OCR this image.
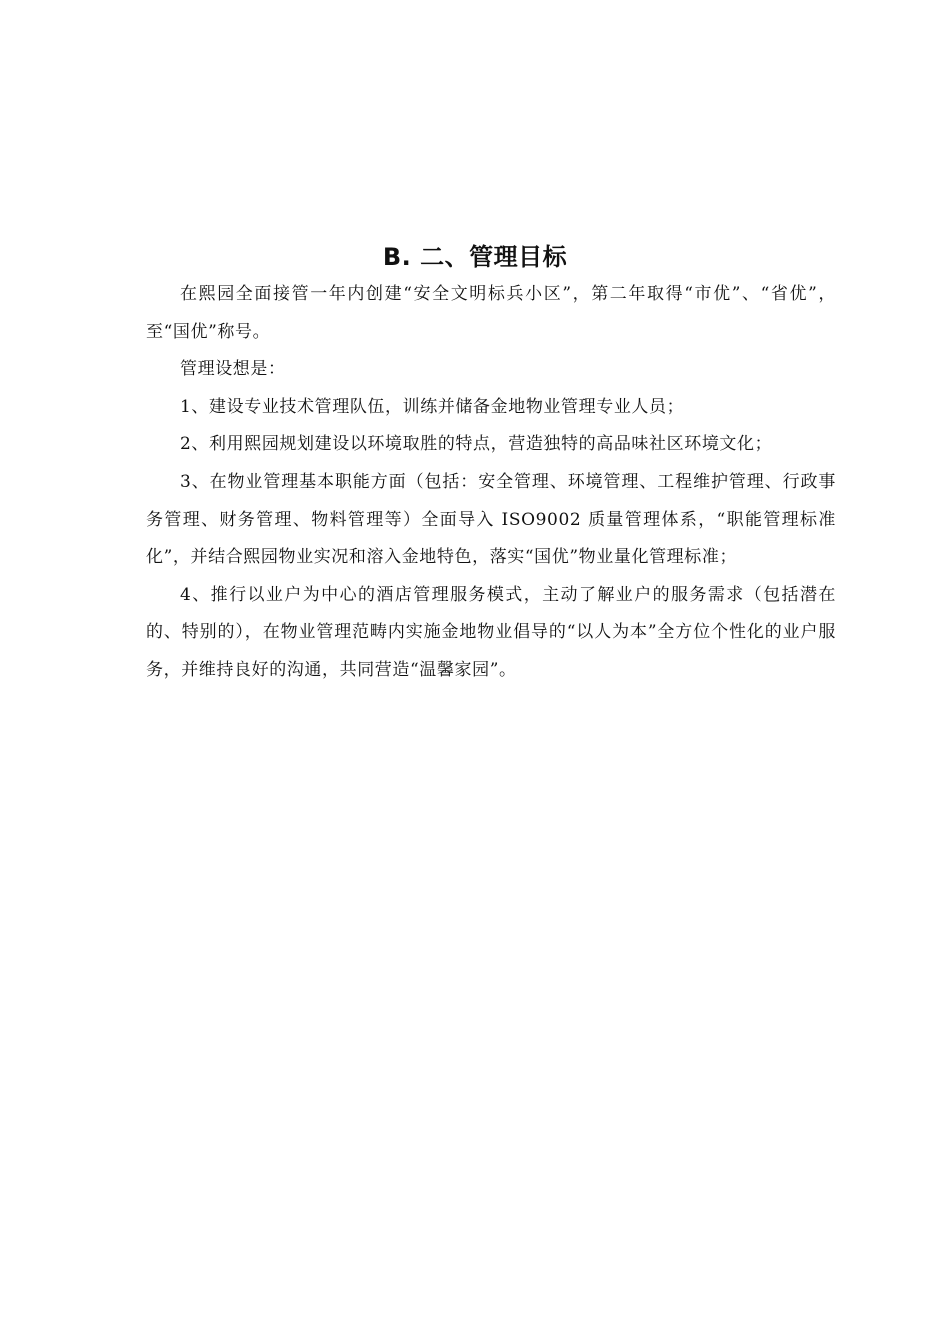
B. 二、管理目标

在熙园全面接管一年内创建“安全文明标兵小区”，第二年取得“市优”、“省优”，至“国优”称号。

管理设想是：

1、建设专业技术管理队伍，训练并储备金地物业管理专业人员；

2、利用熙园规划建设以环境取胜的特点，营造独特的高品味社区环境文化；

3、在物业管理基本职能方面（包括：安全管理、环境管理、工程维护管理、行政事务管理、财务管理、物料管理等）全面导入 ISO9002 质量管理体系，“职能管理标准化”，并结合熙园物业实况和溶入金地特色，落实“国优”物业量化管理标准；

4、推行以业户为中心的酒店管理服务模式，主动了解业户的服务需求（包括潜在的、特别的），在物业管理范畴内实施金地物业倡导的“以人为本”全方位个性化的业户服务，并维持良好的沟通，共同营造“温馨家园”。
